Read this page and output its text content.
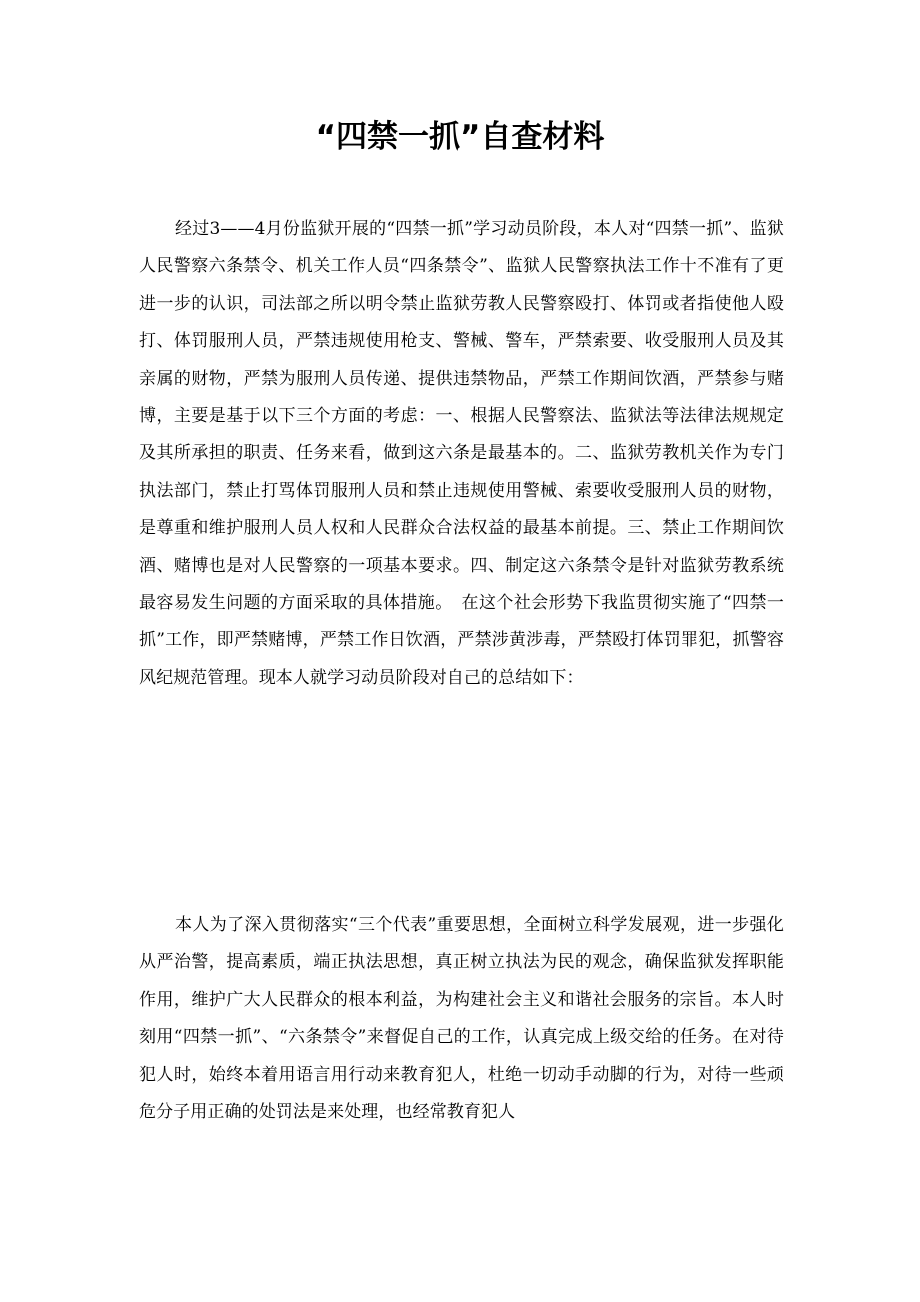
“四禁一抓”自查材料

经过3——4月份监狱开展的“四禁一抓”学习动员阶段，本人对“四禁一抓”、监狱人民警察六条禁令、机关工作人员“四条禁令”、监狱人民警察执法工作十不准有了更进一步的认识，司法部之所以明令禁止监狱劳教人民警察殴打、体罚或者指使他人殴打、体罚服刑人员，严禁违规使用枪支、警械、警车，严禁索要、收受服刑人员及其亲属的财物，严禁为服刑人员传递、提供违禁物品，严禁工作期间饮酒，严禁参与赌博，主要是基于以下三个方面的考虑：一、根据人民警察法、监狱法等法律法规规定及其所承担的职责、任务来看，做到这六条是最基本的。二、监狱劳教机关作为专门执法部门，禁止打骂体罚服刑人员和禁止违规使用警械、索要收受服刑人员的财物，是尊重和维护服刑人员人权和人民群众合法权益的最基本前提。三、禁止工作期间饮酒、赌博也是对人民警察的一项基本要求。四、制定这六条禁令是针对监狱劳教系统最容易发生问题的方面采取的具体措施。　在这个社会形势下我监贯彻实施了“四禁一抓”工作，即严禁赌博，严禁工作日饮酒，严禁涉黄涉毒，严禁殴打体罚罪犯，抓警容风纪规范管理。现本人就学习动员阶段对自己的总结如下：

本人为了深入贯彻落实“三个代表”重要思想，全面树立科学发展观，进一步强化从严治警，提高素质，端正执法思想，真正树立执法为民的观念，确保监狱发挥职能作用，维护广大人民群众的根本利益，为构建社会主义和谐社会服务的宗旨。本人时刻用“四禁一抓”、“六条禁令”来督促自己的工作，认真完成上级交给的任务。在对待犯人时，始终本着用语言用行动来教育犯人，杜绝一切动手动脚的行为，对待一些顽危分子用正确的处罚法是来处理，也经常教育犯人
